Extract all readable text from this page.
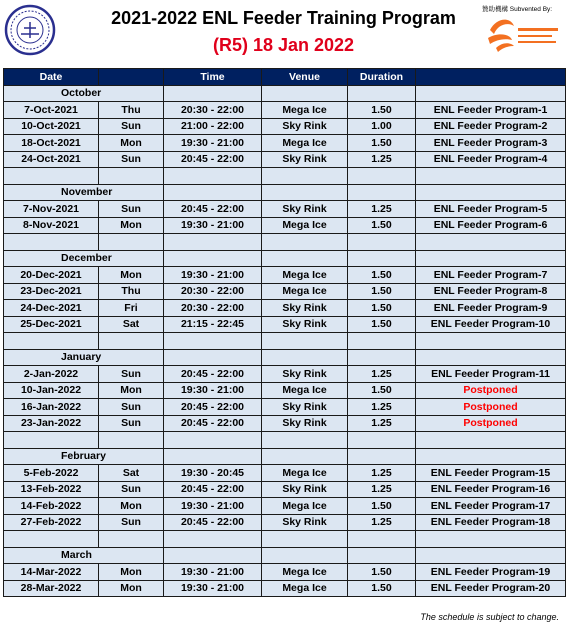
2021-2022 ENL Feeder Training Program
(R5) 18 Jan 2022
贊助機構 Subvented By:
Date		Time	Venue	Duration	
October					
7-Oct-2021	Thu	20:30 - 22:00	Mega Ice	1.50	ENL Feeder Program-1
10-Oct-2021	Sun	21:00 - 22:00	Sky Rink	1.00	ENL Feeder Program-2
18-Oct-2021	Mon	19:30 - 21:00	Mega Ice	1.50	ENL Feeder Program-3
24-Oct-2021	Sun	20:45 - 22:00	Sky Rink	1.25	ENL Feeder Program-4

November					
7-Nov-2021	Sun	20:45 - 22:00	Sky Rink	1.25	ENL Feeder Program-5
8-Nov-2021	Mon	19:30 - 21:00	Mega Ice	1.50	ENL Feeder Program-6

December					
20-Dec-2021	Mon	19:30 - 21:00	Mega Ice	1.50	ENL Feeder Program-7
23-Dec-2021	Thu	20:30 - 22:00	Mega Ice	1.50	ENL Feeder Program-8
24-Dec-2021	Fri	20:30 - 22:00	Sky Rink	1.50	ENL Feeder Program-9
25-Dec-2021	Sat	21:15 - 22:45	Sky Rink	1.50	ENL Feeder Program-10

January					
2-Jan-2022	Sun	20:45 - 22:00	Sky Rink	1.25	ENL Feeder Program-11
10-Jan-2022	Mon	19:30 - 21:00	Mega Ice	1.50	Postponed
16-Jan-2022	Sun	20:45 - 22:00	Sky Rink	1.25	Postponed
23-Jan-2022	Sun	20:45 - 22:00	Sky Rink	1.25	Postponed

February					
5-Feb-2022	Sat	19:30 - 20:45	Mega Ice	1.25	ENL Feeder Program-15
13-Feb-2022	Sun	20:45 - 22:00	Sky Rink	1.25	ENL Feeder Program-16
14-Feb-2022	Mon	19:30 - 21:00	Mega Ice	1.50	ENL Feeder Program-17
27-Feb-2022	Sun	20:45 - 22:00	Sky Rink	1.25	ENL Feeder Program-18

March					
14-Mar-2022	Mon	19:30 - 21:00	Mega Ice	1.50	ENL Feeder Program-19
28-Mar-2022	Mon	19:30 - 21:00	Mega Ice	1.50	ENL Feeder Program-20
The schedule is subject to change.
